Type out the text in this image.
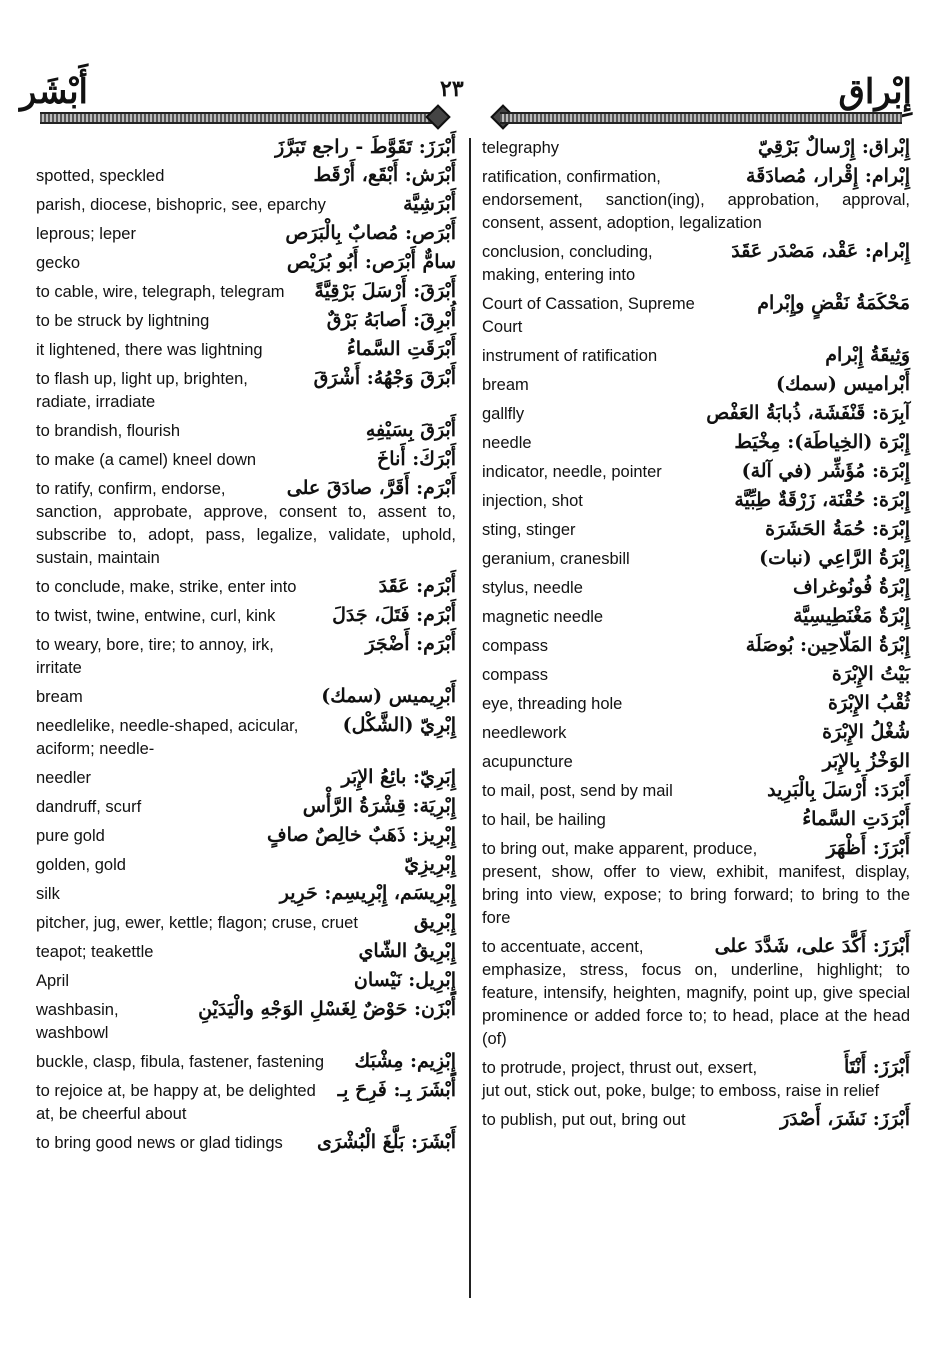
أَبْشَر	٢٣	إِبْراق
أَبْرَزَ: تَقَوَّطَ - راجع تَبَرَّزَ
spotted, speckled	أَبْرَش: أَبْقَع، أَرْقَط
parish, diocese, bishopric, see, eparchy	أَبْرَشِيَّة
leprous; leper	أَبْرَص: مُصابٌ بِالْبَرَص
gecko	سامٌّ أَبْرَص: أَبُو بُرَيْص
to cable, wire, telegraph, telegram أَبْرَقَ: أَرْسَلَ بَرْقِيَّةً
to be struck by lightning	أُبْرِقَ: أَصابَهُ بَرْقٌ
it lightened, there was lightning	أَبْرَقَتِ السَّماءُ
to flash up, light up, brighten,	أَبْرَقَ وَجْهُهُ: أَشْرَقَ
radiate, irradiate
to brandish, flourish	أَبْرَقَ بِسَيْفِهِ
to make (a camel) kneel down	أَبْرَكَ: أَناخَ
to ratify, confirm, endorse,	أَبْرَم: أَقَرَّ، صادَقَ على
sanction, approbate, approve, consent to, assent to, subscribe to, adopt, pass, legalize, validate, uphold, sustain, maintain
to conclude, make, strike, enter into	أَبْرَم: عَقَدَ
to twist, twine, entwine, curl, kink	أَبْرَم: فَتَلَ، جَدَلَ
to weary, bore, tire; to annoy, irk,	أَبْرَم: أَضْجَرَ
irritate
bream	أَبْرِيميس (سمك)
needlelike, needle-shaped, acicular, إِبْرِيّ (الشَّكْل)
aciform; needle-
needler	إِبَرِيّ: بائِعُ الإِبَر
dandruff, scurf	إِبْرِيَة: قِشْرَةُ الرَّأْس
pure gold	إِبْرِيز: ذَهَبٌ خالِصٌ صافٍ
golden, gold	إِبْرِيزِيّ
silk	إِبْرِيسَم، إِبْرِيسِم: حَرِير
pitcher, jug, ewer, kettle; flagon; cruse, cruet	إِبْرِيق
teapot; teakettle	إِبْرِيقُ الشّاي
April	إِبْرِيل: نَيْسان
washbasin, washbowl
أَبْزَن: حَوْضٌ لِغَسْلِ الوَجْهِ والْيَدَيْنِ
buckle, clasp, fibula, fastener, fastening إِبْزِيم: مِشْبَك
to rejoice at, be happy at, be delighted أَبْشَرَ بِـ: فَرِحَ بِـ
at, be cheerful about
to bring good news or glad tidings أَبْشَرَ: بَلَّغَ الْبُشْرَى
telegraphy	إِبْراق: إِرْسالٌ بَرْقِيّ
ratification, confirmation,	إِبْرام: إِقْرار، مُصادَقَة
endorsement, sanction(ing), approbation, approval, consent, assent, adoption, legalization
conclusion, concluding,	إِبْرام: عَقْد، مَصْدَر عَقَدَ
making, entering into
Court of Cassation, Supreme	مَحْكَمَةُ نَقْضٍ وإِبْرام
Court
instrument of ratification	وَثِيقَةُ إِبْرام
bream	أَبْراميس (سمك)
gallfly	آبِرَة: قَنْفَشَة، ذُبابَةُ العَفْص
needle	إِبْرَة (الخِياطَة): مِخْيَط
indicator, needle, pointer	إِبْرَة: مُؤَشِّر (في آلة)
injection, shot	إِبْرَة: حُقْنَة، زَرْقَةٌ طِبِّيَّة
sting, stinger	إِبْرَة: حُمَةُ الحَشَرَة
geranium, cranesbill	إِبْرَةُ الرَّاعِي (نبات)
stylus, needle	إِبْرَةُ فُونُوغراف
magnetic needle	إِبْرَةٌ مَغْنَطِيسِيَّة
compass	إِبْرَةُ المَلّاحِين: بُوصَلَة
compass	بَيْتُ الإِبْرَة
eye, threading hole	ثُقْبُ الإِبْرَة
needlework	شُغْلُ الإِبْرَة
acupuncture	الوَخْزُ بِالإِبَر
to mail, post, send by mail	أَبْرَدَ: أَرْسَلَ بِالْبَرِيد
to hail, be hailing	أَبْرَدَتِ السَّماءُ
to bring out, make apparent, produce,	أَبْرَزَ: أَظْهَرَ
present, show, offer to view, exhibit, manifest, display, bring into view, expose; to bring forward; to bring to the fore
to accentuate, accent,	أَبْرَزَ: أَكَّدَ على، شَدَّدَ على
emphasize, stress, focus on, underline, highlight; to feature, intensify, heighten, magnify, point up, give special prominence or added force to; to head, place at the head (of)
to protrude, project, thrust out, exsert,	أَبْرَزَ: أَنْتَأَ
jut out, stick out, poke, bulge; to emboss, raise in relief
to publish, put out, bring out	أَبْرَزَ: نَشَرَ، أَصْدَرَ
